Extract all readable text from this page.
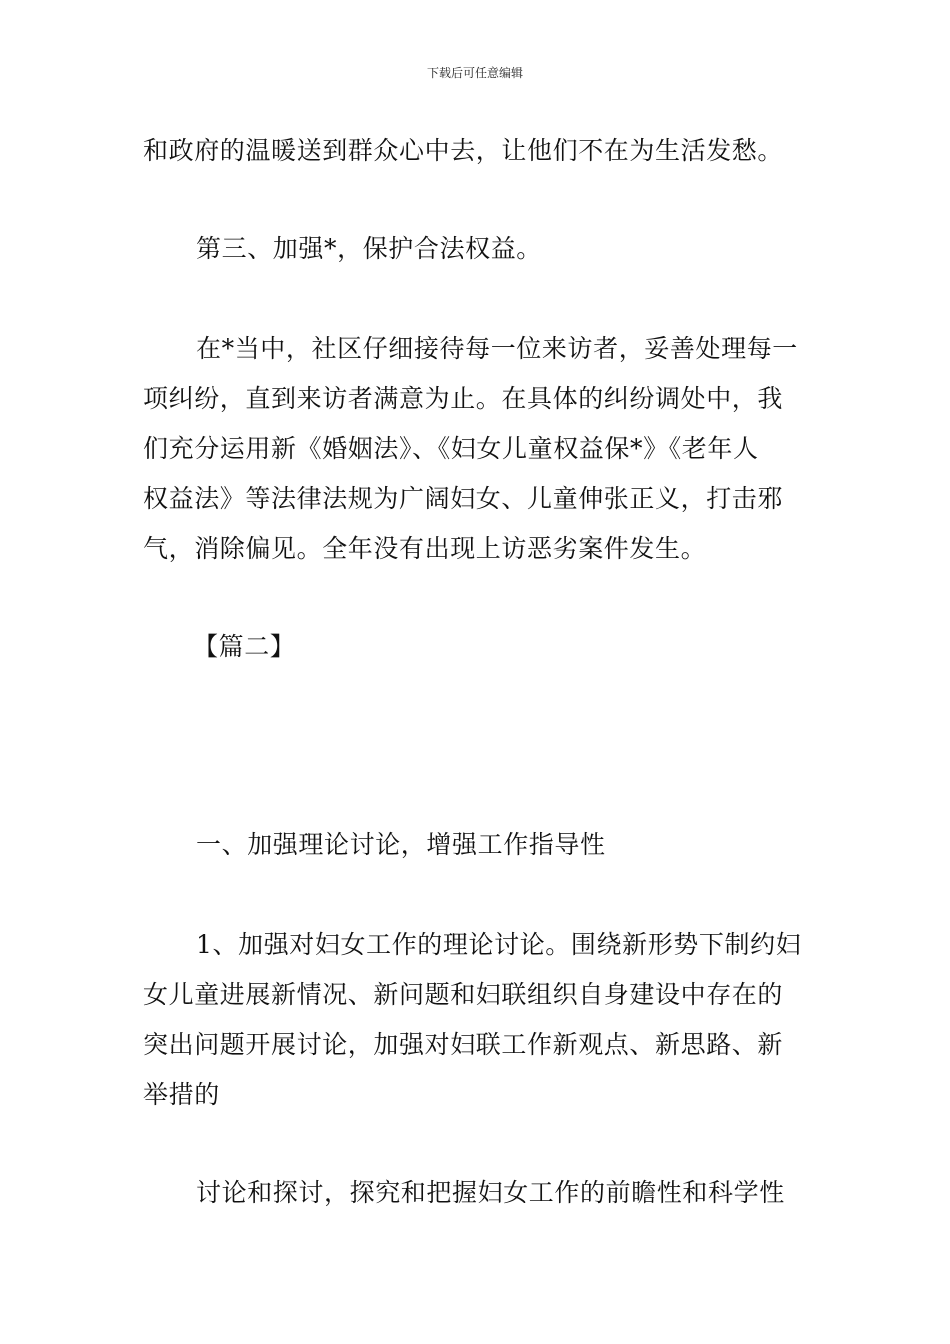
下载后可任意编辑
和政府的温暖送到群众心中去，让他们不在为生活发愁。
第三、加强*，保护合法权益。
在*当中，社区仔细接待每一位来访者，妥善处理每一
项纠纷，直到来访者满意为止。在具体的纠纷调处中，我
们充分运用新《婚姻法》、《妇女儿童权益保*》《老年人
权益法》等法律法规为广阔妇女、儿童伸张正义，打击邪
气，消除偏见。全年没有出现上访恶劣案件发生。
【篇二】
一、加强理论讨论，增强工作指导性
1、加强对妇女工作的理论讨论。围绕新形势下制约妇
女儿童进展新情况、新问题和妇联组织自身建设中存在的
突出问题开展讨论，加强对妇联工作新观点、新思路、新
举措的
讨论和探讨，探究和把握妇女工作的前瞻性和科学性
